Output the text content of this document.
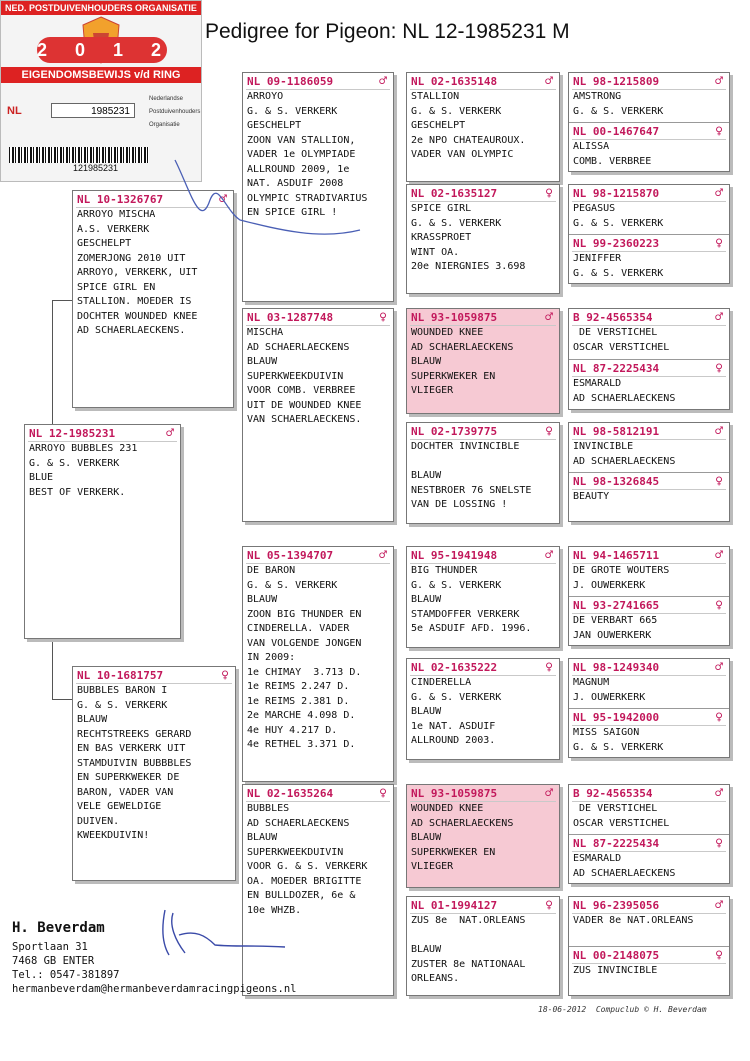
Pedigree for Pigeon: NL 12-1985231 M
NED. POSTDUIVENHOUDERS ORGANISATIE
2012
EIGENDOMSBEWIJS v/d RING
NL	1985231
Nederlandse
Postduivenhouders
Organisatie
121985231
NL 12-1985231	♂
ARROYO BUBBLES 231
G. & S. VERKERK
BLUE
BEST OF VERKERK.
NL 10-1326767	♂
ARROYO MISCHA
A.S. VERKERK
GESCHELPT
ZOMERJONG 2010 UIT
ARROYO, VERKERK, UIT
SPICE GIRL EN
STALLION. MOEDER IS
DOCHTER WOUNDED KNEE
AD SCHAERLAECKENS.
NL 10-1681757	♀
BUBBLES BARON I
G. & S. VERKERK
BLAUW
RECHTSTREEKS GERARD
EN BAS VERKERK UIT
STAMDUIVIN BUBBBLES
EN SUPERKWEKER DE
BARON, VADER VAN
VELE GEWELDIGE
DUIVEN.
KWEEKDUIVIN!
NL 09-1186059	♂
ARROYO
G. & S. VERKERK
GESCHELPT
ZOON VAN STALLION,
VADER 1e OLYMPIADE
ALLROUND 2009, 1e
NAT. ASDUIF 2008
OLYMPIC STRADIVARIUS
EN SPICE GIRL !
NL 03-1287748	♀
MISCHA
AD SCHAERLAECKENS
BLAUW
SUPERKWEEKDUIVIN
VOOR COMB. VERBREE
UIT DE WOUNDED KNEE
VAN SCHAERLAECKENS.
NL 05-1394707	♂
DE BARON
G. & S. VERKERK
BLAUW
ZOON BIG THUNDER EN
CINDERELLA. VADER
VAN VOLGENDE JONGEN
IN 2009:
1e CHIMAY  3.713 D.
1e REIMS 2.247 D.
1e REIMS 2.381 D.
2e MARCHE 4.098 D.
4e HUY 4.217 D.
4e RETHEL 3.371 D.
NL 02-1635264	♀
BUBBLES
AD SCHAERLAECKENS
BLAUW
SUPERKWEEKDUIVIN
VOOR G. & S. VERKERK
OA. MOEDER BRIGITTE
EN BULLDOZER, 6e &
10e WHZB.
NL 02-1635148	♂
STALLION
G. & S. VERKERK
GESCHELPT
2e NPO CHATEAUROUX.
VADER VAN OLYMPIC
NL 02-1635127	♀
SPICE GIRL
G. & S. VERKERK
KRASSPROET
WINT OA.
20e NIERGNIES 3.698
NL 93-1059875	♂
WOUNDED KNEE
AD SCHAERLAECKENS
BLAUW
SUPERKWEKER EN
VLIEGER
NL 02-1739775	♀
DOCHTER INVINCIBLE
BLAUW
NESTBROER 76 SNELSTE
VAN DE LOSSING !
NL 95-1941948	♂
BIG THUNDER
G. & S. VERKERK
BLAUW
STAMDOFFER VERKERK
5e ASDUIF AFD. 1996.
NL 02-1635222	♀
CINDERELLA
G. & S. VERKERK
BLAUW
1e NAT. ASDUIF
ALLROUND 2003.
NL 93-1059875	♂
WOUNDED KNEE
AD SCHAERLAECKENS
BLAUW
SUPERKWEKER EN
VLIEGER
NL 01-1994127	♀
ZUS 8e  NAT.ORLEANS
BLAUW
ZUSTER 8e NATIONAAL
ORLEANS.
NL 98-1215809	♂
AMSTRONG
G. & S. VERKERK
NL 00-1467647	♀
ALISSA
COMB. VERBREE
NL 98-1215870	♂
PEGASUS
G. & S. VERKERK
NL 99-2360223	♀
JENIFFER
G. & S. VERKERK
B 92-4565354	♂
DE VERSTICHEL
OSCAR VERSTICHEL
NL 87-2225434	♀
ESMARALD
AD SCHAERLAECKENS
NL 98-5812191	♂
INVINCIBLE
AD SCHAERLAECKENS
NL 98-1326845	♀
BEAUTY
NL 94-1465711	♂
DE GROTE WOUTERS
J. OUWERKERK
NL 93-2741665	♀
DE VERBART 665
JAN OUWERKERK
NL 98-1249340	♂
MAGNUM
J. OUWERKERK
NL 95-1942000	♀
MISS SAIGON
G. & S. VERKERK
B 92-4565354	♂
DE VERSTICHEL
OSCAR VERSTICHEL
NL 87-2225434	♀
ESMARALD
AD SCHAERLAECKENS
NL 96-2395056	♂
VADER 8e NAT.ORLEANS
NL 00-2148075	♀
ZUS INVINCIBLE
H. Beverdam
Sportlaan 31
7468 GB ENTER
Tel.: 0547-381897
hermanbeverdam@hermanbeverdamracingpigeons.nl
18-06-2012 Compuclub © H. Beverdam
